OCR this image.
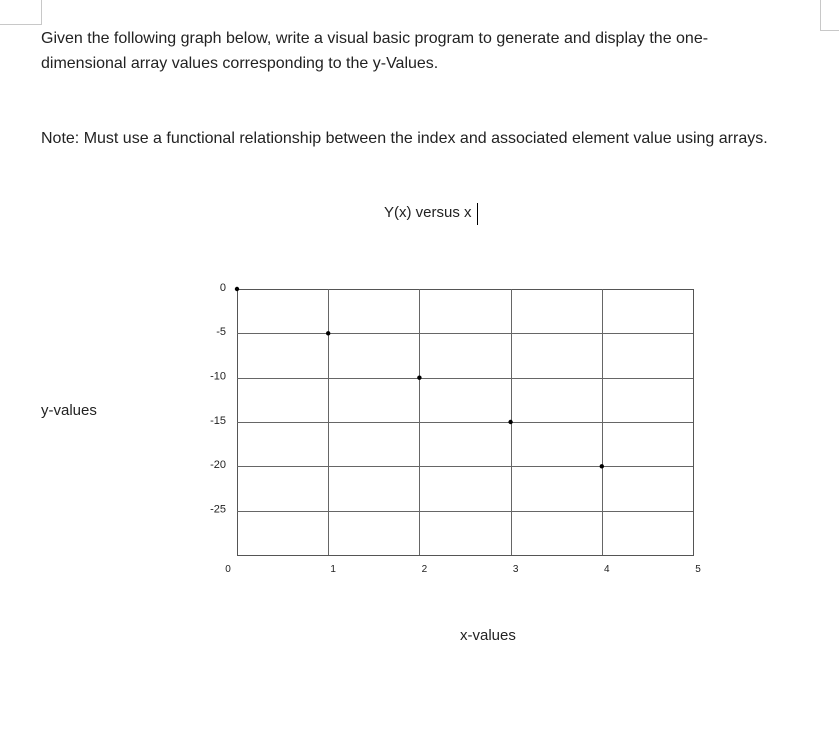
Given the following graph below, write a visual basic program to generate and display the one-
dimensional array values corresponding to the y-Values.

Note: Must use a functional relationship between the index and associated element value using arrays.

Y(x) versus x
y-values
x-values
0
-5
-10
-15
-20
-25
0	1	2	3	4	5
